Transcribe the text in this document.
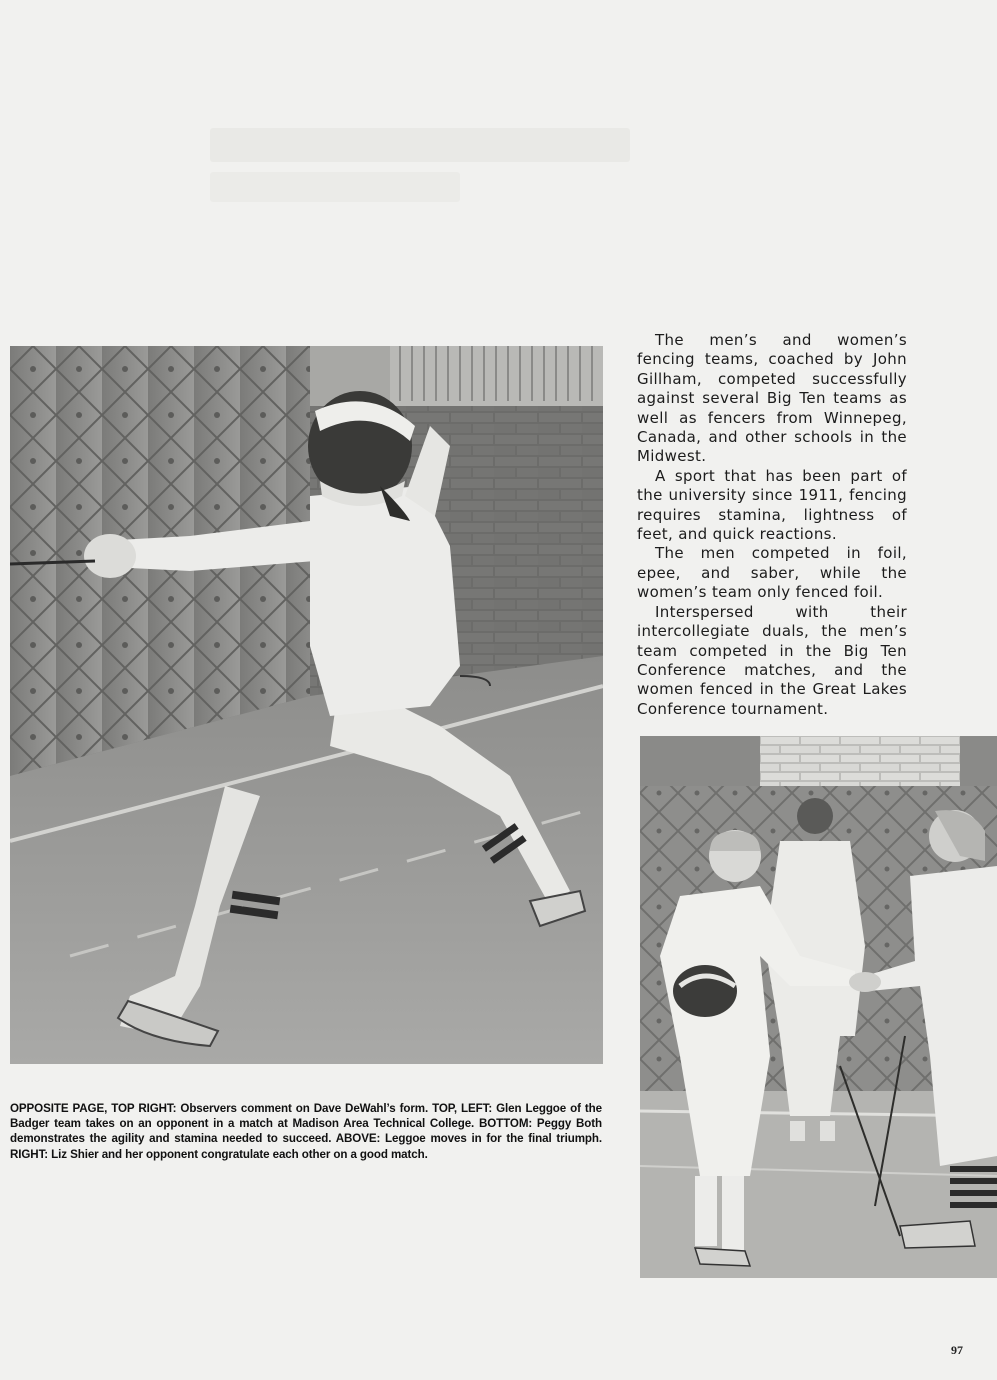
The men’s and women’s fencing teams, coached by John Gillham, competed successfully against several Big Ten teams as well as fencers from Winnepeg, Canada, and other schools in the Midwest.

A sport that has been part of the university since 1911, fencing requires stamina, lightness of feet, and quick reactions.

The men competed in foil, epee, and saber, while the women’s team only fenced foil.

Interspersed with their intercollegiate duals, the men’s team competed in the Big Ten Conference matches, and the women fenced in the Great Lakes Conference tournament.

OPPOSITE PAGE, TOP RIGHT: Observers comment on Dave DeWahl’s form. TOP, LEFT: Glen Leggoe of the Badger team takes on an opponent in a match at Madison Area Technical College. BOTTOM: Peggy Both demonstrates the agility and stamina needed to succeed. ABOVE: Leggoe moves in for the final triumph. RIGHT: Liz Shier and her opponent congratulate each other on a good match.
97
